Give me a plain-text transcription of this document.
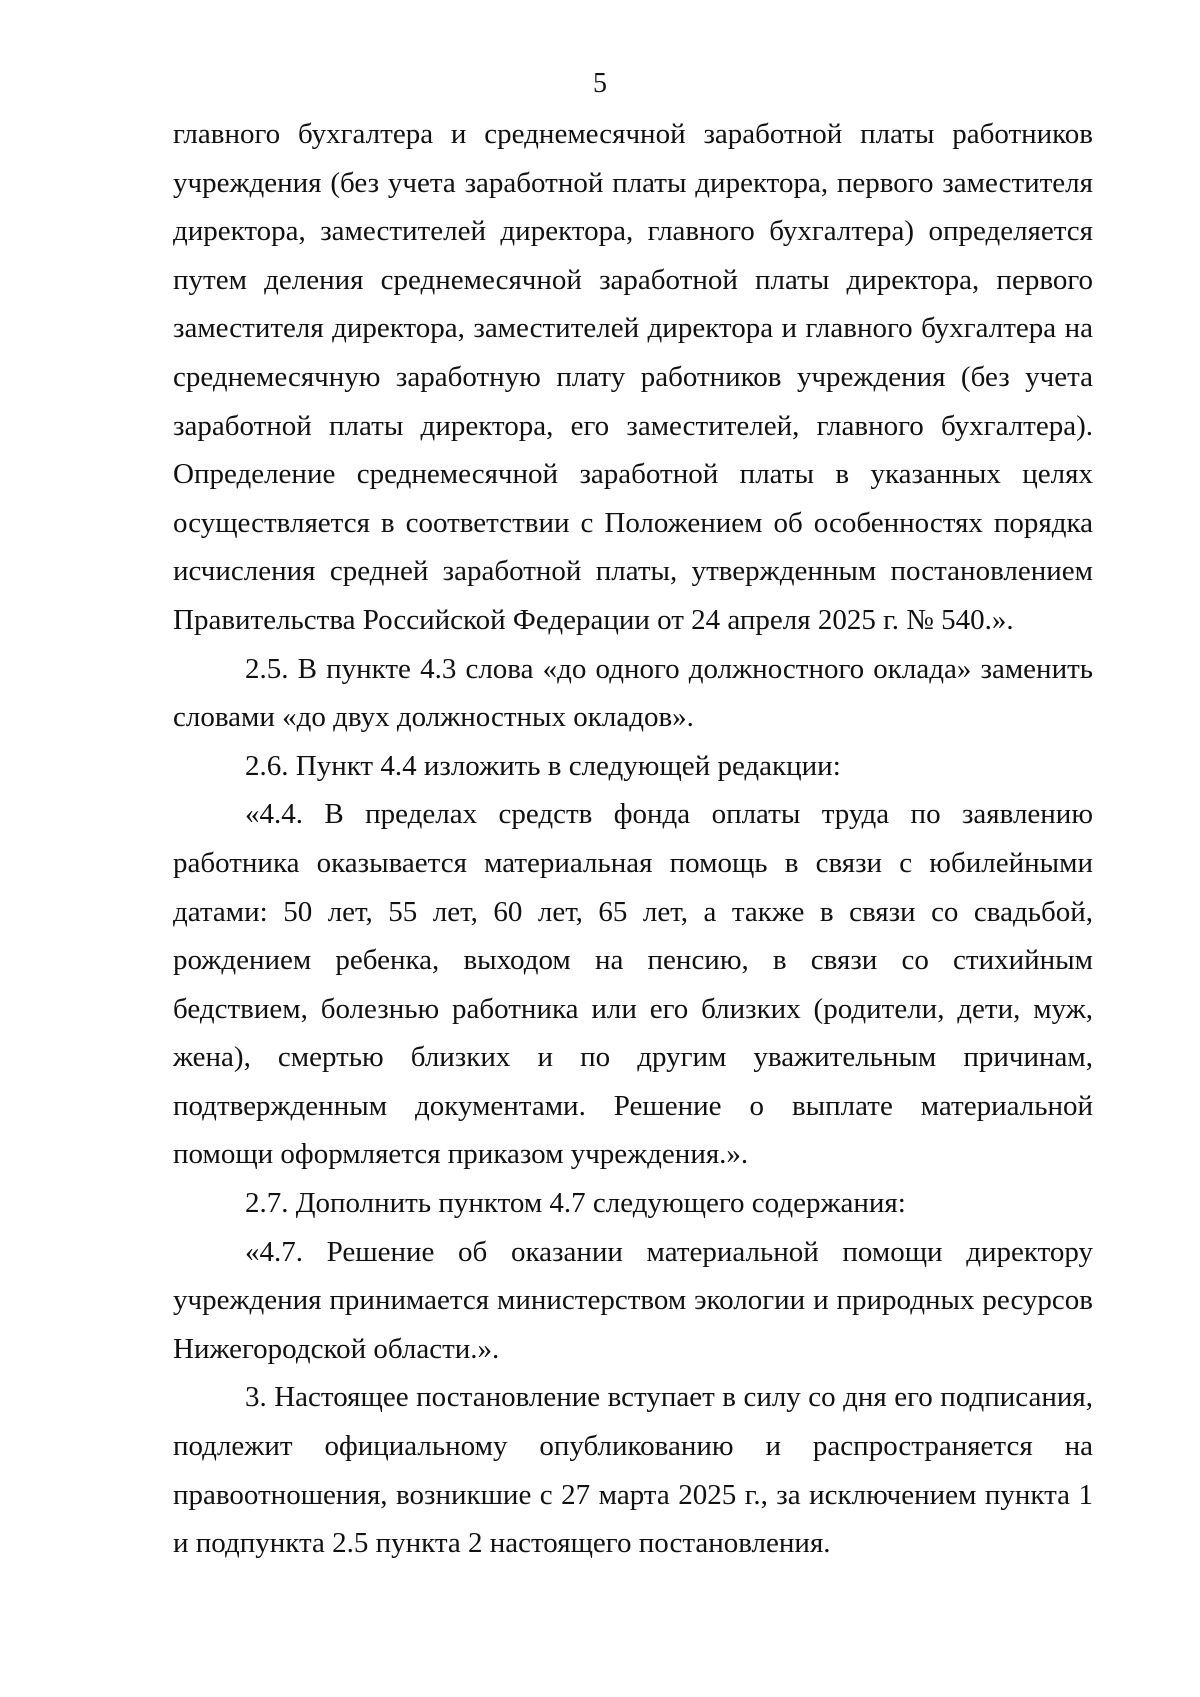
5

главного бухгалтера и среднемесячной заработной платы работников учреждения (без учета заработной платы директора, первого заместителя директора, заместителей директора, главного бухгалтера) определяется путем деления среднемесячной заработной платы директора, первого заместителя директора, заместителей директора и главного бухгалтера на среднемесячную заработную плату работников учреждения (без учета заработной платы директора, его заместителей, главного бухгалтера). Определение среднемесячной заработной платы в указанных целях осуществляется в соответствии с Положением об особенностях порядка исчисления средней заработной платы, утвержденным постановлением Правительства Российской Федерации от 24 апреля 2025 г. № 540.».

2.5. В пункте 4.3 слова «до одного должностного оклада» заменить словами «до двух должностных окладов».

2.6. Пункт 4.4 изложить в следующей редакции:

«4.4. В пределах средств фонда оплаты труда по заявлению работника оказывается материальная помощь в связи с юбилейными датами: 50 лет, 55 лет, 60 лет, 65 лет, а также в связи со свадьбой, рождением ребенка, выходом на пенсию, в связи со стихийным бедствием, болезнью работника или его близких (родители, дети, муж, жена), смертью близких и по другим уважительным причинам, подтвержденным документами. Решение о выплате материальной помощи оформляется приказом учреждения.».

2.7. Дополнить пунктом 4.7 следующего содержания:

«4.7. Решение об оказании материальной помощи директору учреждения принимается министерством экологии и природных ресурсов Нижегородской области.».

3. Настоящее постановление вступает в силу со дня его подписания, подлежит официальному опубликованию и распространяется на правоотношения, возникшие с 27 марта 2025 г., за исключением пункта 1 и подпункта 2.5 пункта 2 настоящего постановления.
